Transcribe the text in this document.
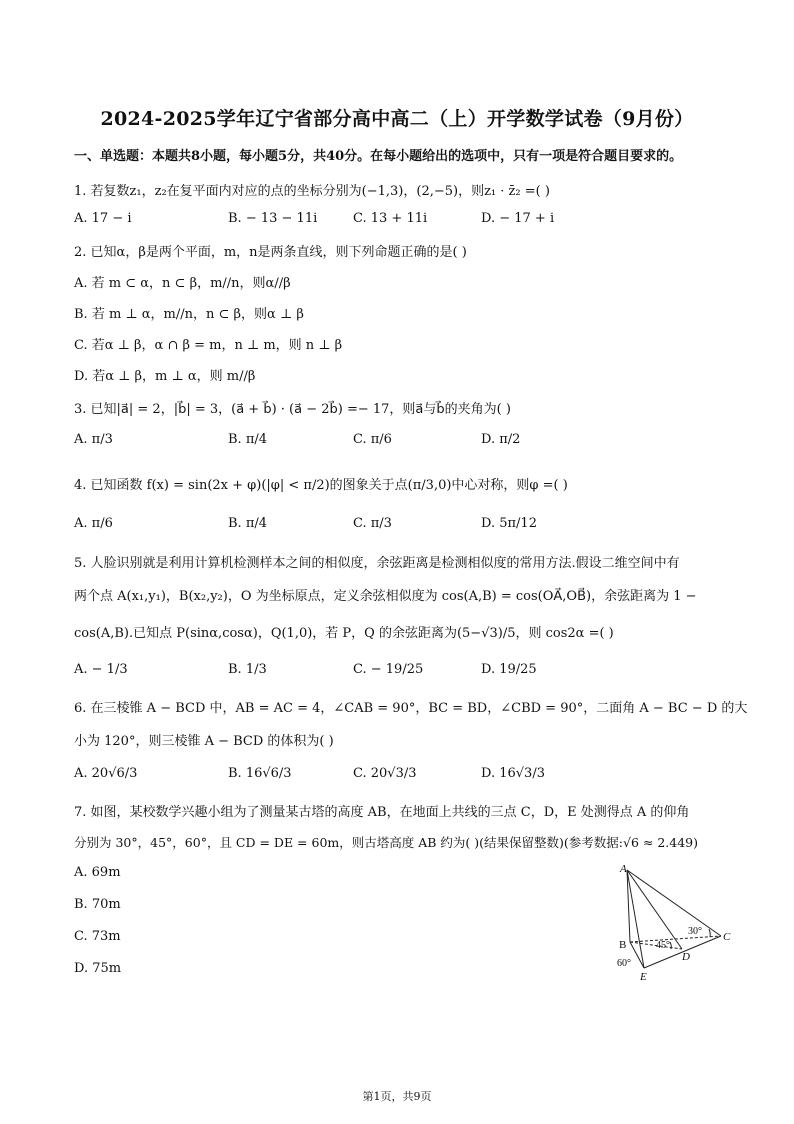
2024-2025学年辽宁省部分高中高二（上）开学数学试卷（9月份）
一、单选题：本题共8小题，每小题5分，共40分。在每小题给出的选项中，只有一项是符合题目要求的。
1. 若复数z₁，z₂在复平面内对应的点的坐标分别为(−1,3)，(2,−5)，则z₁ · z̄₂ =( )
A. 17 − i	B. − 13 − 11i	C. 13 + 11i	D. − 17 + i
2. 已知α，β是两个平面，m，n是两条直线，则下列命题正确的是( )
A. 若 m ⊂ α，n ⊂ β，m//n，则α//β
B. 若 m ⊥ α，m//n，n ⊂ β，则α ⊥ β
C. 若α ⊥ β，α ∩ β = m，n ⊥ m，则 n ⊥ β
D. 若α ⊥ β，m ⊥ α，则 m//β
3. 已知|a⃗| = 2，|b⃗| = 3，(a⃗ + b⃗) · (a⃗ − 2b⃗) =− 17，则a⃗与b⃗的夹角为( )
A. π/3	B. π/4	C. π/6	D. π/2
4. 已知函数 f(x) = sin(2x + φ)(|φ| < π/2)的图象关于点(π/3,0)中心对称，则φ =( )
A. π/6	B. π/4	C. π/3	D. 5π/12
5. 人脸识别就是利用计算机检测样本之间的相似度，余弦距离是检测相似度的常用方法.假设二维空间中有
两个点 A(x₁,y₁)，B(x₂,y₂)，O 为坐标原点，定义余弦相似度为 cos(A,B) = cos(OA⃗,OB⃗)，余弦距离为 1 −
cos(A,B).已知点 P(sinα,cosα)，Q(1,0)，若 P，Q 的余弦距离为(5−√3)/5，则 cos2α =( )
A. − 1/3	B. 1/3	C. − 19/25	D. 19/25
6. 在三棱锥 A − BCD 中，AB = AC = 4，∠CAB = 90°，BC = BD，∠CBD = 90°，二面角 A − BC − D 的大
小为 120°，则三棱锥 A − BCD 的体积为( )
A. 20√6/3	B. 16√6/3	C. 20√3/3	D. 16√3/3
7. 如图，某校数学兴趣小组为了测量某古塔的高度 AB，在地面上共线的三点 C，D，E 处测得点 A 的仰角
分别为 30°，45°，60°，且 CD = DE = 60m，则古塔高度 AB 约为( )(结果保留整数)(参考数据:√6 ≈ 2.449)
A. 69m
B. 70m
C. 73m
D. 75m
A
B
C
D
E
30°
45°
60°
第1页，共9页
